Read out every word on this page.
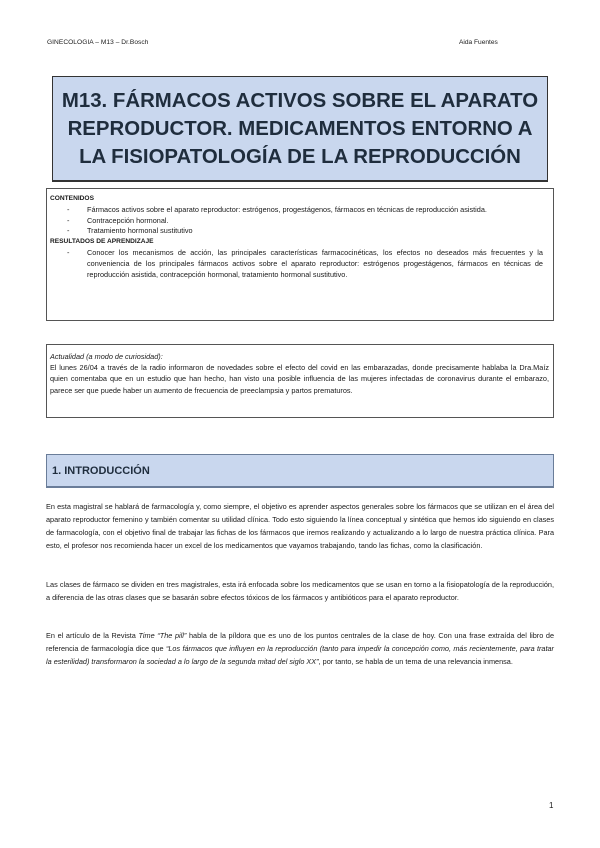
GINECOLOGIA – M13 – Dr.Bosch	Aida Fuentes
M13. FÁRMACOS ACTIVOS SOBRE EL APARATO REPRODUCTOR. MEDICAMENTOS ENTORNO A LA FISIOPATOLOGÍA DE LA REPRODUCCIÓN
CONTENIDOS
- Fármacos activos sobre el aparato reproductor: estrógenos, progestágenos, fármacos en técnicas de reproducción asistida.
- Contracepción hormonal.
- Tratamiento hormonal sustitutivo
RESULTADOS DE APRENDIZAJE
- Conocer los mecanismos de acción, las principales características farmacocinéticas, los efectos no deseados más frecuentes y la conveniencia de los principales fármacos activos sobre el aparato reproductor: estrógenos progestágenos, fármacos en técnicas de reproducción asistida, contracepción hormonal, tratamiento hormonal sustitutivo.
Actualidad (a modo de curiosidad):

El lunes 26/04 a través de la radio informaron de novedades sobre el efecto del covid en las embarazadas, donde precisamente hablaba la Dra.Maíz quien comentaba que en un estudio que han hecho, han visto una posible influencia de las mujeres infectadas de coronavirus durante el embarazo, parece ser que puede haber un aumento de frecuencia de preeclampsia y partos prematuros.

1. INTRODUCCIÓN

En esta magistral se hablará de farmacología y, como siempre, el objetivo es aprender aspectos generales sobre los fármacos que se utilizan en el área del aparato reproductor femenino y también comentar su utilidad clínica. Todo esto siguiendo la línea conceptual y sintética que hemos ido siguiendo en clases de farmacología, con el objetivo final de trabajar las fichas de los fármacos que iremos realizando y actualizando a lo largo de nuestra práctica clínica. Para esto, el profesor nos recomienda hacer un excel de los medicamentos que vayamos trabajando, tando las fichas, como la clasificación.

Las clases de fármaco se dividen en tres magistrales, esta irá enfocada sobre los medicamentos que se usan en torno a la fisiopatología de la reproducción, a diferencia de las otras clases que se basarán sobre efectos tóxicos de los fármacos y antibióticos para el aparato reproductor.

En el artículo de la Revista Time “The pill” habla de la píldora que es uno de los puntos centrales de la clase de hoy. Con una frase extraída del libro de referencia de farmacología dice que “Los fármacos que influyen en la reproducción (tanto para impedir la concepción como, más recientemente, para tratar la esterilidad) transformaron la sociedad a lo largo de la segunda mitad del siglo XX”, por tanto, se habla de un tema de una relevancia inmensa.

1
